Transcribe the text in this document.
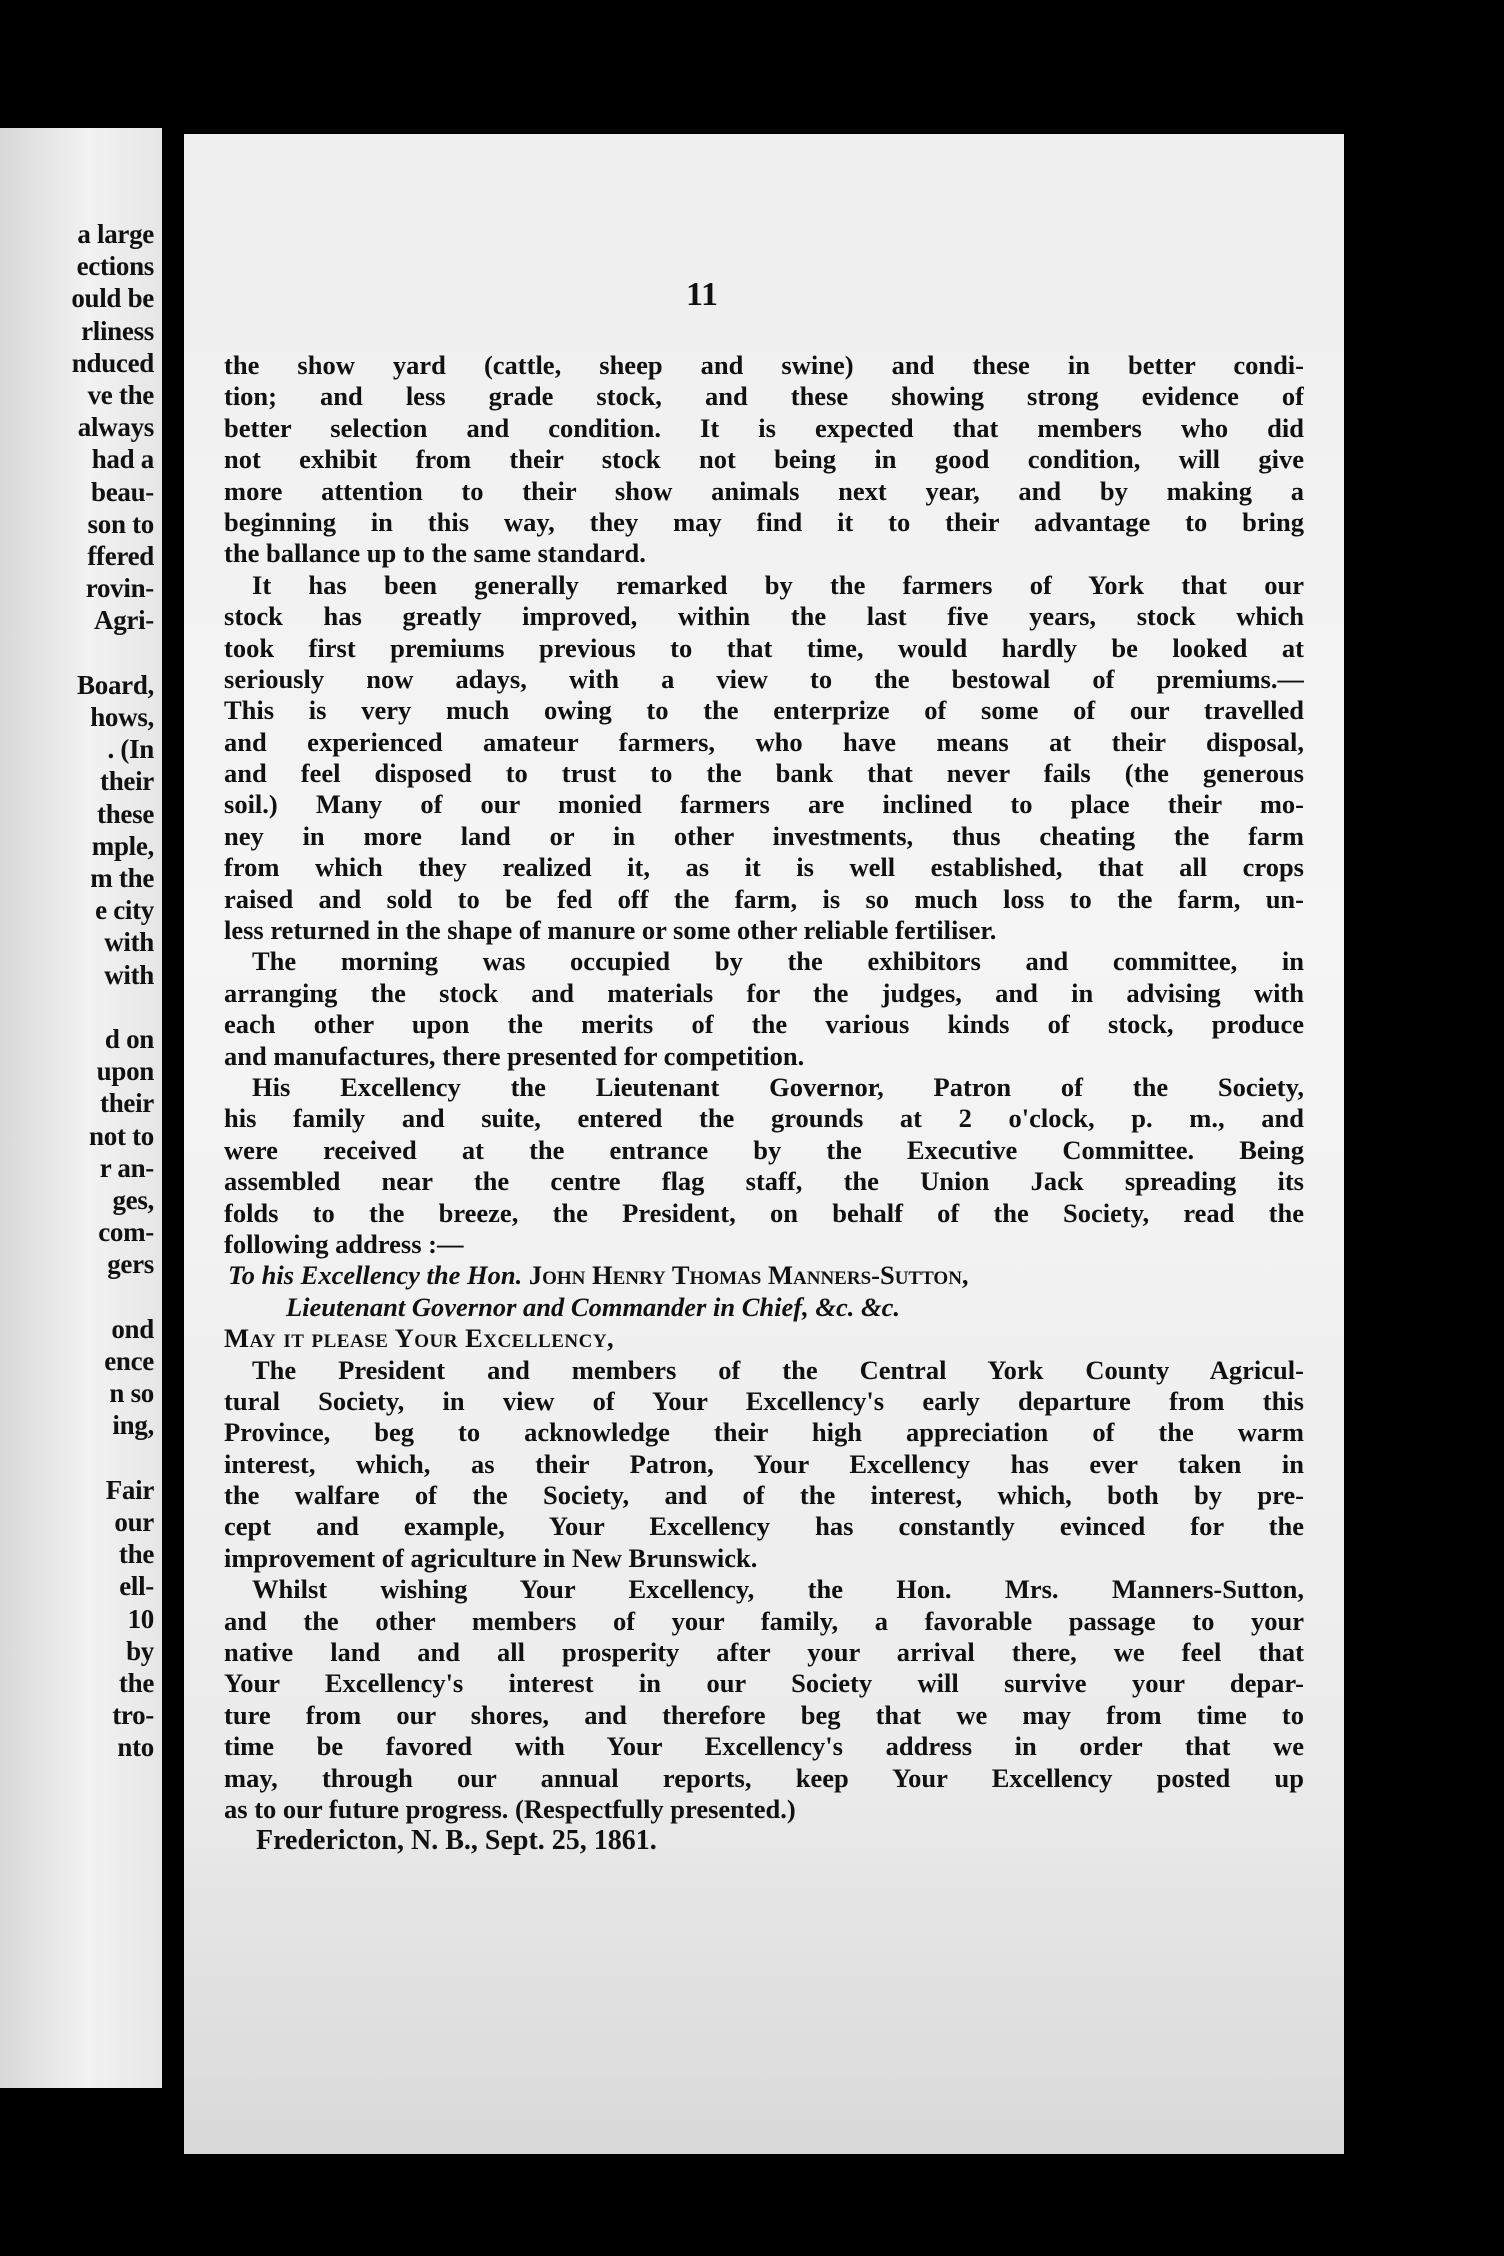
a large
ections
ould be
rliness
nduced
ve the
always
had a
beau-
son to
ffered
rovin-
Agri-
Board,
hows,
. (In
their
these
mple,
m the
e city
with
with
d on
upon
their
not to
r an-
ges,
com-
gers
ond
ence
n so
ing,
Fair
our
the
ell-
10
by
the
tro-
nto
11
the show yard (cattle, sheep and swine) and these in better condi-
tion; and less grade stock, and these showing strong evidence of
better selection and condition. It is expected that members who did
not exhibit from their stock not being in good condition, will give
more attention to their show animals next year, and by making a
beginning in this way, they may find it to their advantage to bring
the ballance up to the same standard.
It has been generally remarked by the farmers of York that our
stock has greatly improved, within the last five years, stock which
took first premiums previous to that time, would hardly be looked at
seriously now adays, with a view to the bestowal of premiums.—
This is very much owing to the enterprize of some of our travelled
and experienced amateur farmers, who have means at their disposal,
and feel disposed to trust to the bank that never fails (the generous
soil.) Many of our monied farmers are inclined to place their mo-
ney in more land or in other investments, thus cheating the farm
from which they realized it, as it is well established, that all crops
raised and sold to be fed off the farm, is so much loss to the farm, un-
less returned in the shape of manure or some other reliable fertiliser.
The morning was occupied by the exhibitors and committee, in
arranging the stock and materials for the judges, and in advising with
each other upon the merits of the various kinds of stock, produce
and manufactures, there presented for competition.
His Excellency the Lieutenant Governor, Patron of the Society,
his family and suite, entered the grounds at 2 o'clock, p. m., and
were received at the entrance by the Executive Committee. Being
assembled near the centre flag staff, the Union Jack spreading its
folds to the breeze, the President, on behalf of the Society, read the
following address :—
To his Excellency the Hon. John Henry Thomas Manners-Sutton,
Lieutenant Governor and Commander in Chief, &c. &c.
May it please Your Excellency,
The President and members of the Central York County Agricul-
tural Society, in view of Your Excellency's early departure from this
Province, beg to acknowledge their high appreciation of the warm
interest, which, as their Patron, Your Excellency has ever taken in
the walfare of the Society, and of the interest, which, both by pre-
cept and example, Your Excellency has constantly evinced for the
improvement of agriculture in New Brunswick.
Whilst wishing Your Excellency, the Hon. Mrs. Manners-Sutton,
and the other members of your family, a favorable passage to your
native land and all prosperity after your arrival there, we feel that
Your Excellency's interest in our Society will survive your depar-
ture from our shores, and therefore beg that we may from time to
time be favored with Your Excellency's address in order that we
may, through our annual reports, keep Your Excellency posted up
as to our future progress. (Respectfully presented.)
Fredericton, N. B., Sept. 25, 1861.
